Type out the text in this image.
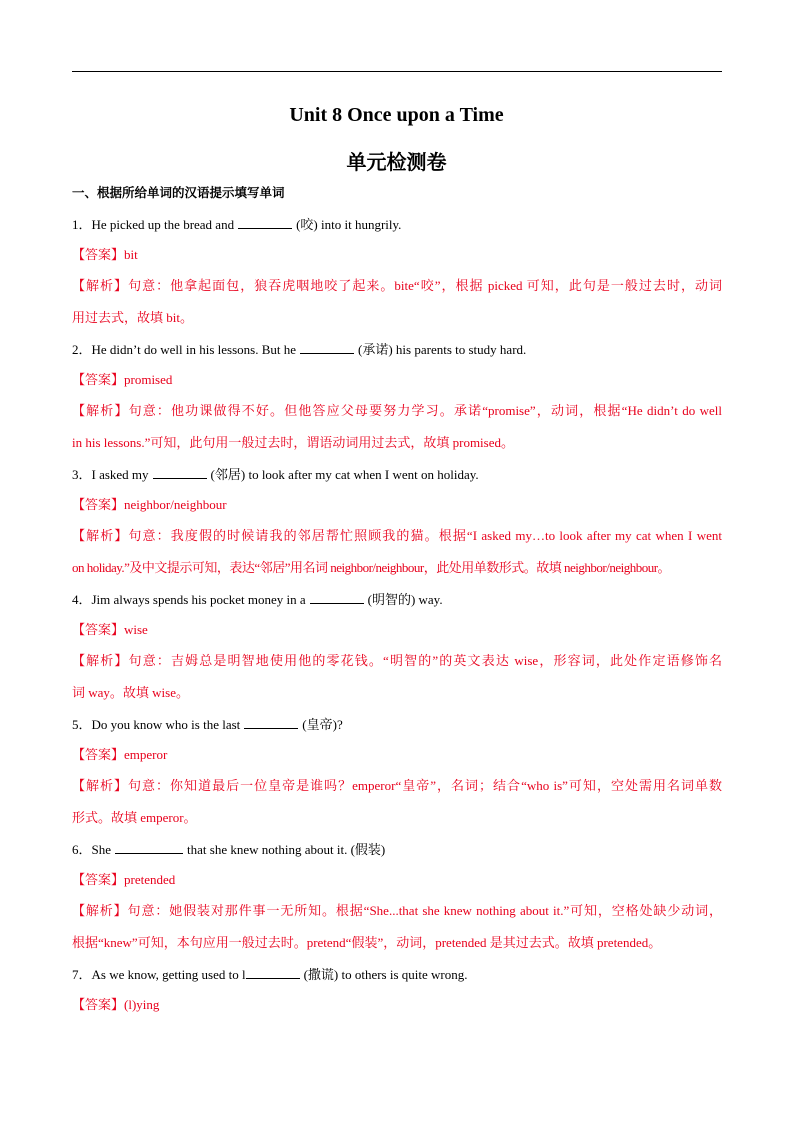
Unit 8 Once upon a Time
单元检测卷
一、根据所给单词的汉语提示填写单词
1．He picked up the bread and	(咬) into it hungrily.
【答案】bit
【解析】句意：他拿起面包，狼吞虎咽地咬了起来。bite“咬”，根据 picked 可知，此句是一般过去时，动词
用过去式，故填 bit。
2．He didn’t do well in his lessons. But he	(承诺) his parents to study hard.
【答案】promised
【解析】句意：他功课做得不好。但他答应父母要努力学习。承诺“promise”，动词，根据“He didn’t do well
in his lessons.”可知，此句用一般过去时，谓语动词用过去式，故填 promised。
3．I asked my	(邻居) to look after my cat when I went on holiday.
【答案】neighbor/neighbour
【解析】句意：我度假的时候请我的邻居帮忙照顾我的猫。根据“I asked my…to look after my cat when I went
on holiday.”及中文提示可知，表达“邻居”用名词 neighbor/neighbour，此处用单数形式。故填 neighbor/neighbour。
4．Jim always spends his pocket money in a	(明智的) way.
【答案】wise
【解析】句意：吉姆总是明智地使用他的零花钱。“明智的”的英文表达 wise，形容词，此处作定语修饰名
词 way。故填 wise。
5．Do you know who is the last	(皇帝)?
【答案】emperor
【解析】句意：你知道最后一位皇帝是谁吗？emperor“皇帝”，名词；结合“who is”可知，空处需用名词单数
形式。故填 emperor。
6．She	that she knew nothing about it. (假装)
【答案】pretended
【解析】句意：她假装对那件事一无所知。根据“She...that she knew nothing about it.”可知，空格处缺少动词，
根据“knew”可知，本句应用一般过去时。pretend“假装”，动词，pretended 是其过去式。故填 pretended。
7．As we know, getting used to l	(撒谎) to others is quite wrong.
【答案】(l)ying
